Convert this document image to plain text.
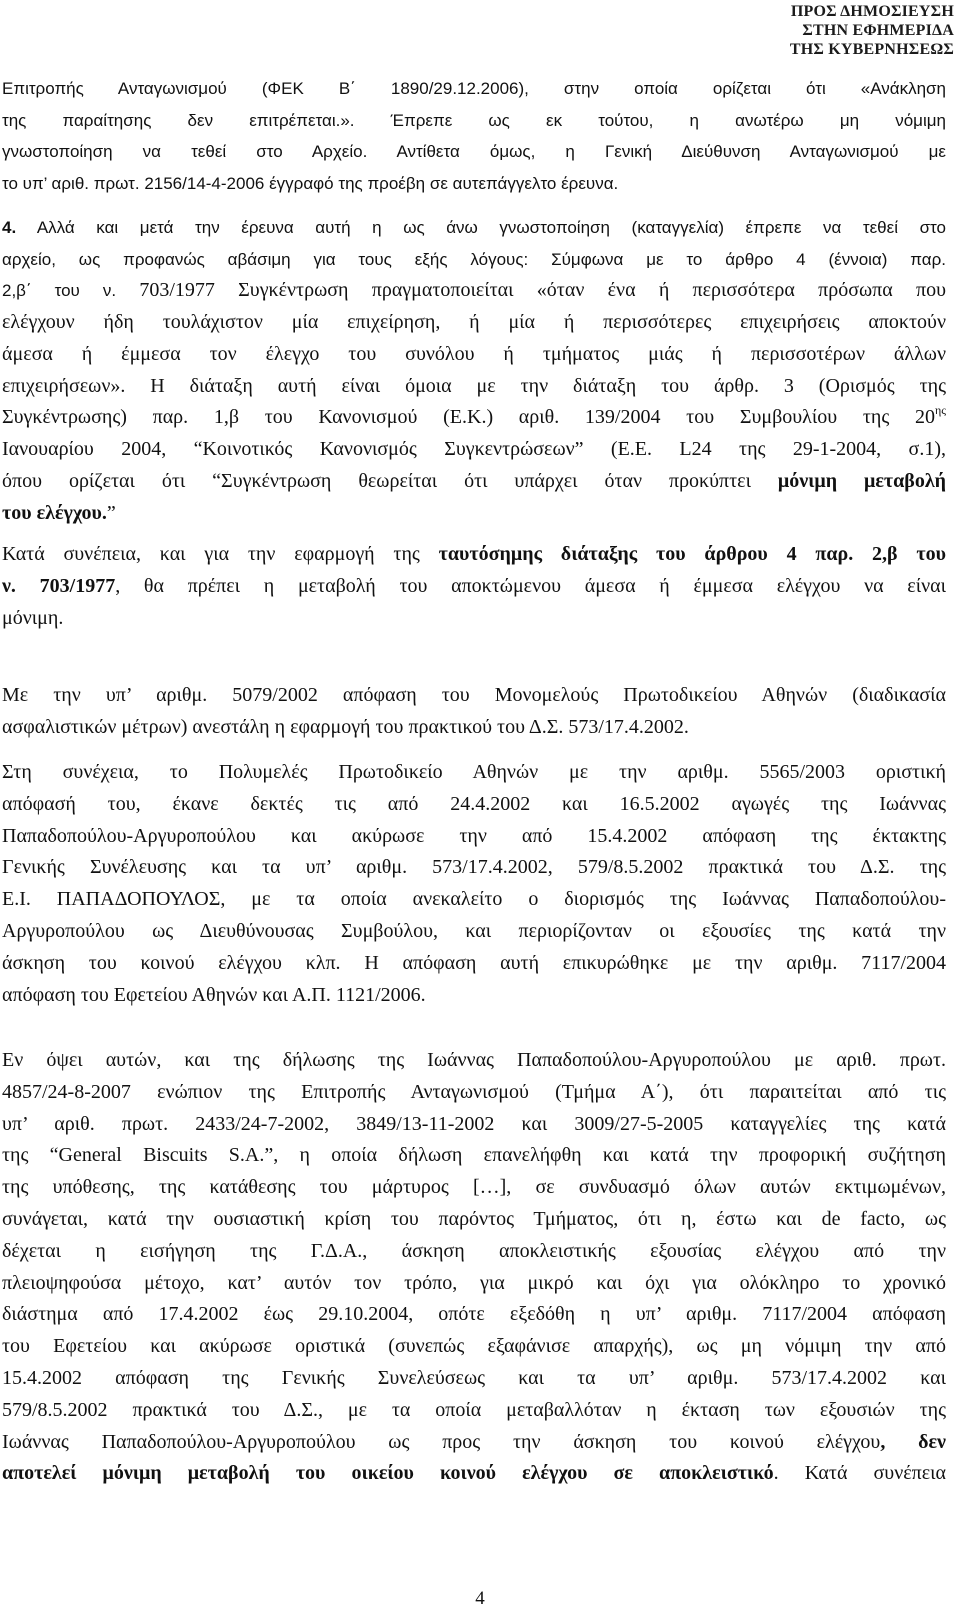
ΠΡΟΣ ΔΗΜΟΣΙΕΥΣΗ
ΣΤΗΝ ΕΦΗΜΕΡΙΔΑ
ΤΗΣ ΚΥΒΕΡΝΗΣΕΩΣ
Επιτροπής Ανταγωνισμού (ΦΕΚ Β΄ 1890/29.12.2006), στην οποία ορίζεται ότι «Ανάκληση
της παραίτησης δεν επιτρέπεται.». Έπρεπε ως εκ τούτου, η ανωτέρω μη νόμιμη
γνωστοποίηση να τεθεί στο Αρχείο. Αντίθετα όμως, η Γενική Διεύθυνση Ανταγωνισμού με
το υπ’ αριθ. πρωτ. 2156/14-4-2006 έγγραφό της προέβη σε αυτεπάγγελτο έρευνα.
4. Αλλά και μετά την έρευνα αυτή η ως άνω γνωστοποίηση (καταγγελία) έπρεπε να τεθεί στο
αρχείο, ως προφανώς αβάσιμη για τους εξής λόγους: Σύμφωνα με το άρθρο 4 (έννοια) παρ.
2,β΄ του ν. 703/1977 Συγκέντρωση πραγματοποιείται «όταν ένα ή περισσότερα πρόσωπα που
ελέγχουν ήδη τουλάχιστον μία επιχείρηση, ή μία ή περισσότερες επιχειρήσεις αποκτούν
άμεσα ή έμμεσα τον έλεγχο του συνόλου ή τμήματος μιάς ή περισσοτέρων άλλων
επιχειρήσεων». Η διάταξη αυτή είναι όμοια με την διάταξη του άρθρ. 3 (Ορισμός της
Συγκέντρωσης) παρ. 1,β του Κανονισμού (Ε.Κ.) αριθ. 139/2004 του Συμβουλίου της $20^{\eta\varsigma}$
Ιανουαρίου 2004, “Κοινοτικός Κανονισμός Συγκεντρώσεων” (Ε.Ε. L24 της 29-1-2004, σ.1),
όπου ορίζεται ότι “Συγκέντρωση θεωρείται ότι υπάρχει όταν προκύπτει μόνιμη μεταβολή
του ελέγχου.”
Κατά συνέπεια, και για την εφαρμογή της ταυτόσημης διάταξης του άρθρου 4 παρ. 2,β του
ν. 703/1977, θα πρέπει η μεταβολή του αποκτώμενου άμεσα ή έμμεσα ελέγχου να είναι
μόνιμη.
Με την υπ’ αριθμ. 5079/2002 απόφαση του Μονομελούς Πρωτοδικείου Αθηνών (διαδικασία
ασφαλιστικών μέτρων) ανεστάλη η εφαρμογή του πρακτικού του Δ.Σ. 573/17.4.2002.
Στη συνέχεια, το Πολυμελές Πρωτοδικείο Αθηνών με την αριθμ. 5565/2003 οριστική
απόφασή του, έκανε δεκτές τις από 24.4.2002 και 16.5.2002 αγωγές της Ιωάννας
Παπαδοπούλου-Αργυροπούλου και ακύρωσε την από 15.4.2002 απόφαση της έκτακτης
Γενικής Συνέλευσης και τα υπ’ αριθμ. 573/17.4.2002, 579/8.5.2002 πρακτικά του Δ.Σ. της
Ε.Ι. ΠΑΠΑΔΟΠΟΥΛΟΣ, με τα οποία ανεκαλείτο ο διορισμός της Ιωάννας Παπαδοπούλου-
Αργυροπούλου ως Διευθύνουσας Συμβούλου, και περιορίζονταν οι εξουσίες της κατά την
άσκηση του κοινού ελέγχου κλπ. Η απόφαση αυτή επικυρώθηκε με την αριθμ. 7117/2004
απόφαση του Εφετείου Αθηνών και Α.Π. 1121/2006.
Εν όψει αυτών, και της δήλωσης της Ιωάννας Παπαδοπούλου-Αργυροπούλου με αριθ. πρωτ.
4857/24-8-2007 ενώπιον της Επιτροπής Ανταγωνισμού (Τμήμα Α΄), ότι παραιτείται από τις
υπ’ αριθ. πρωτ. 2433/24-7-2002, 3849/13-11-2002 και 3009/27-5-2005 καταγγελίες της κατά
της “General Biscuits S.A.”, η οποία δήλωση επανελήφθη και κατά την προφορική συζήτηση
της υπόθεσης, της κατάθεσης του μάρτυρος […], σε συνδυασμό όλων αυτών εκτιμωμένων,
συνάγεται, κατά την ουσιαστική κρίση του παρόντος Τμήματος, ότι η, έστω και de facto, ως
δέχεται η εισήγηση της Γ.Δ.Α., άσκηση αποκλειστικής εξουσίας ελέγχου από την
πλειοψηφούσα μέτοχο, κατ’ αυτόν τον τρόπο, για μικρό και όχι για ολόκληρο το χρονικό
διάστημα από 17.4.2002 έως 29.10.2004, οπότε εξεδόθη η υπ’ αριθμ. 7117/2004 απόφαση
του Εφετείου και ακύρωσε οριστικά (συνεπώς εξαφάνισε απαρχής), ως μη νόμιμη την από
15.4.2002 απόφαση της Γενικής Συνελεύσεως και τα υπ’ αριθμ. 573/17.4.2002 και
579/8.5.2002 πρακτικά του Δ.Σ., με τα οποία μεταβαλλόταν η έκταση των εξουσιών της
Ιωάννας Παπαδοπούλου-Αργυροπούλου ως προς την άσκηση του κοινού ελέγχου, δεν
αποτελεί μόνιμη μεταβολή του οικείου κοινού ελέγχου σε αποκλειστικό. Κατά συνέπεια
4
